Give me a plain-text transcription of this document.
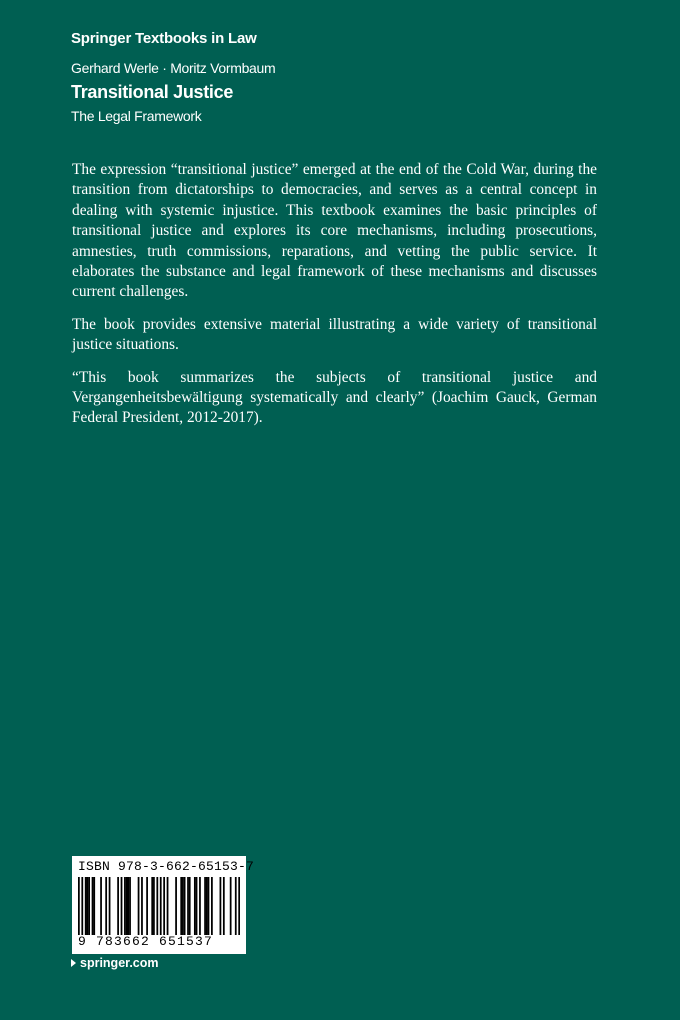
Springer Textbooks in Law
Gerhard Werle · Moritz Vormbaum
Transitional Justice
The Legal Framework

The expression “transitional justice” emerged at the end of the Cold War, during the transition from dictatorships to democracies, and serves as a central concept in dealing with systemic injustice. This textbook examines the basic principles of transitional justice and explores its core mechanisms, including prosecutions, amnesties, truth commissions, reparations, and vetting the public service. It elaborates the substance and legal framework of these mechanisms and discusses current challenges.

The book provides extensive material illustrating a wide variety of transitional justice situations.

“This book summarizes the subjects of transitional justice and Vergangenheitsbewältigung systematically and clearly” (Joachim Gauck, German Federal President, 2012-2017).

ISBN 978-3-662-65153-7
9 783662 651537
springer.com
